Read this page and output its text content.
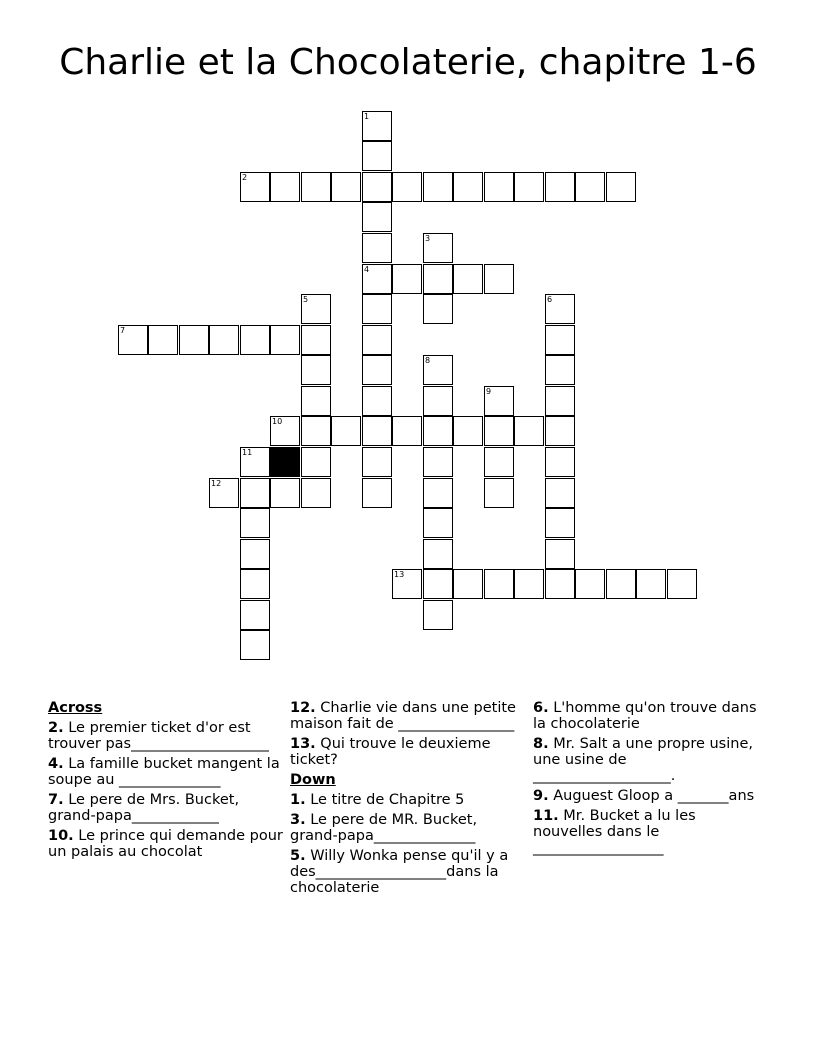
Charlie et la Chocolaterie, chapitre 1-6
1
2
3
4
5	6
7
8
9
10
11
12
13

Across

2. Le premier ticket d'or est trouver pas___________________

4. La famille bucket mangent la soupe au ______________

7. Le pere de Mrs. Bucket, grand-papa____________

10. Le prince qui demande pour un palais au chocolat

12. Charlie vie dans une petite maison fait de ________________

13. Qui trouve le deuxieme ticket?

Down

1. Le titre de Chapitre 5

3. Le pere de MR. Bucket, grand-papa______________

5. Willy Wonka pense qu'il y a des__________________dans la chocolaterie

6. L'homme qu'on trouve dans la chocolaterie

8. Mr. Salt a une propre usine, une usine de ___________________.

9. Auguest Gloop a _______ans

11. Mr. Bucket a lu les nouvelles dans le __________________
